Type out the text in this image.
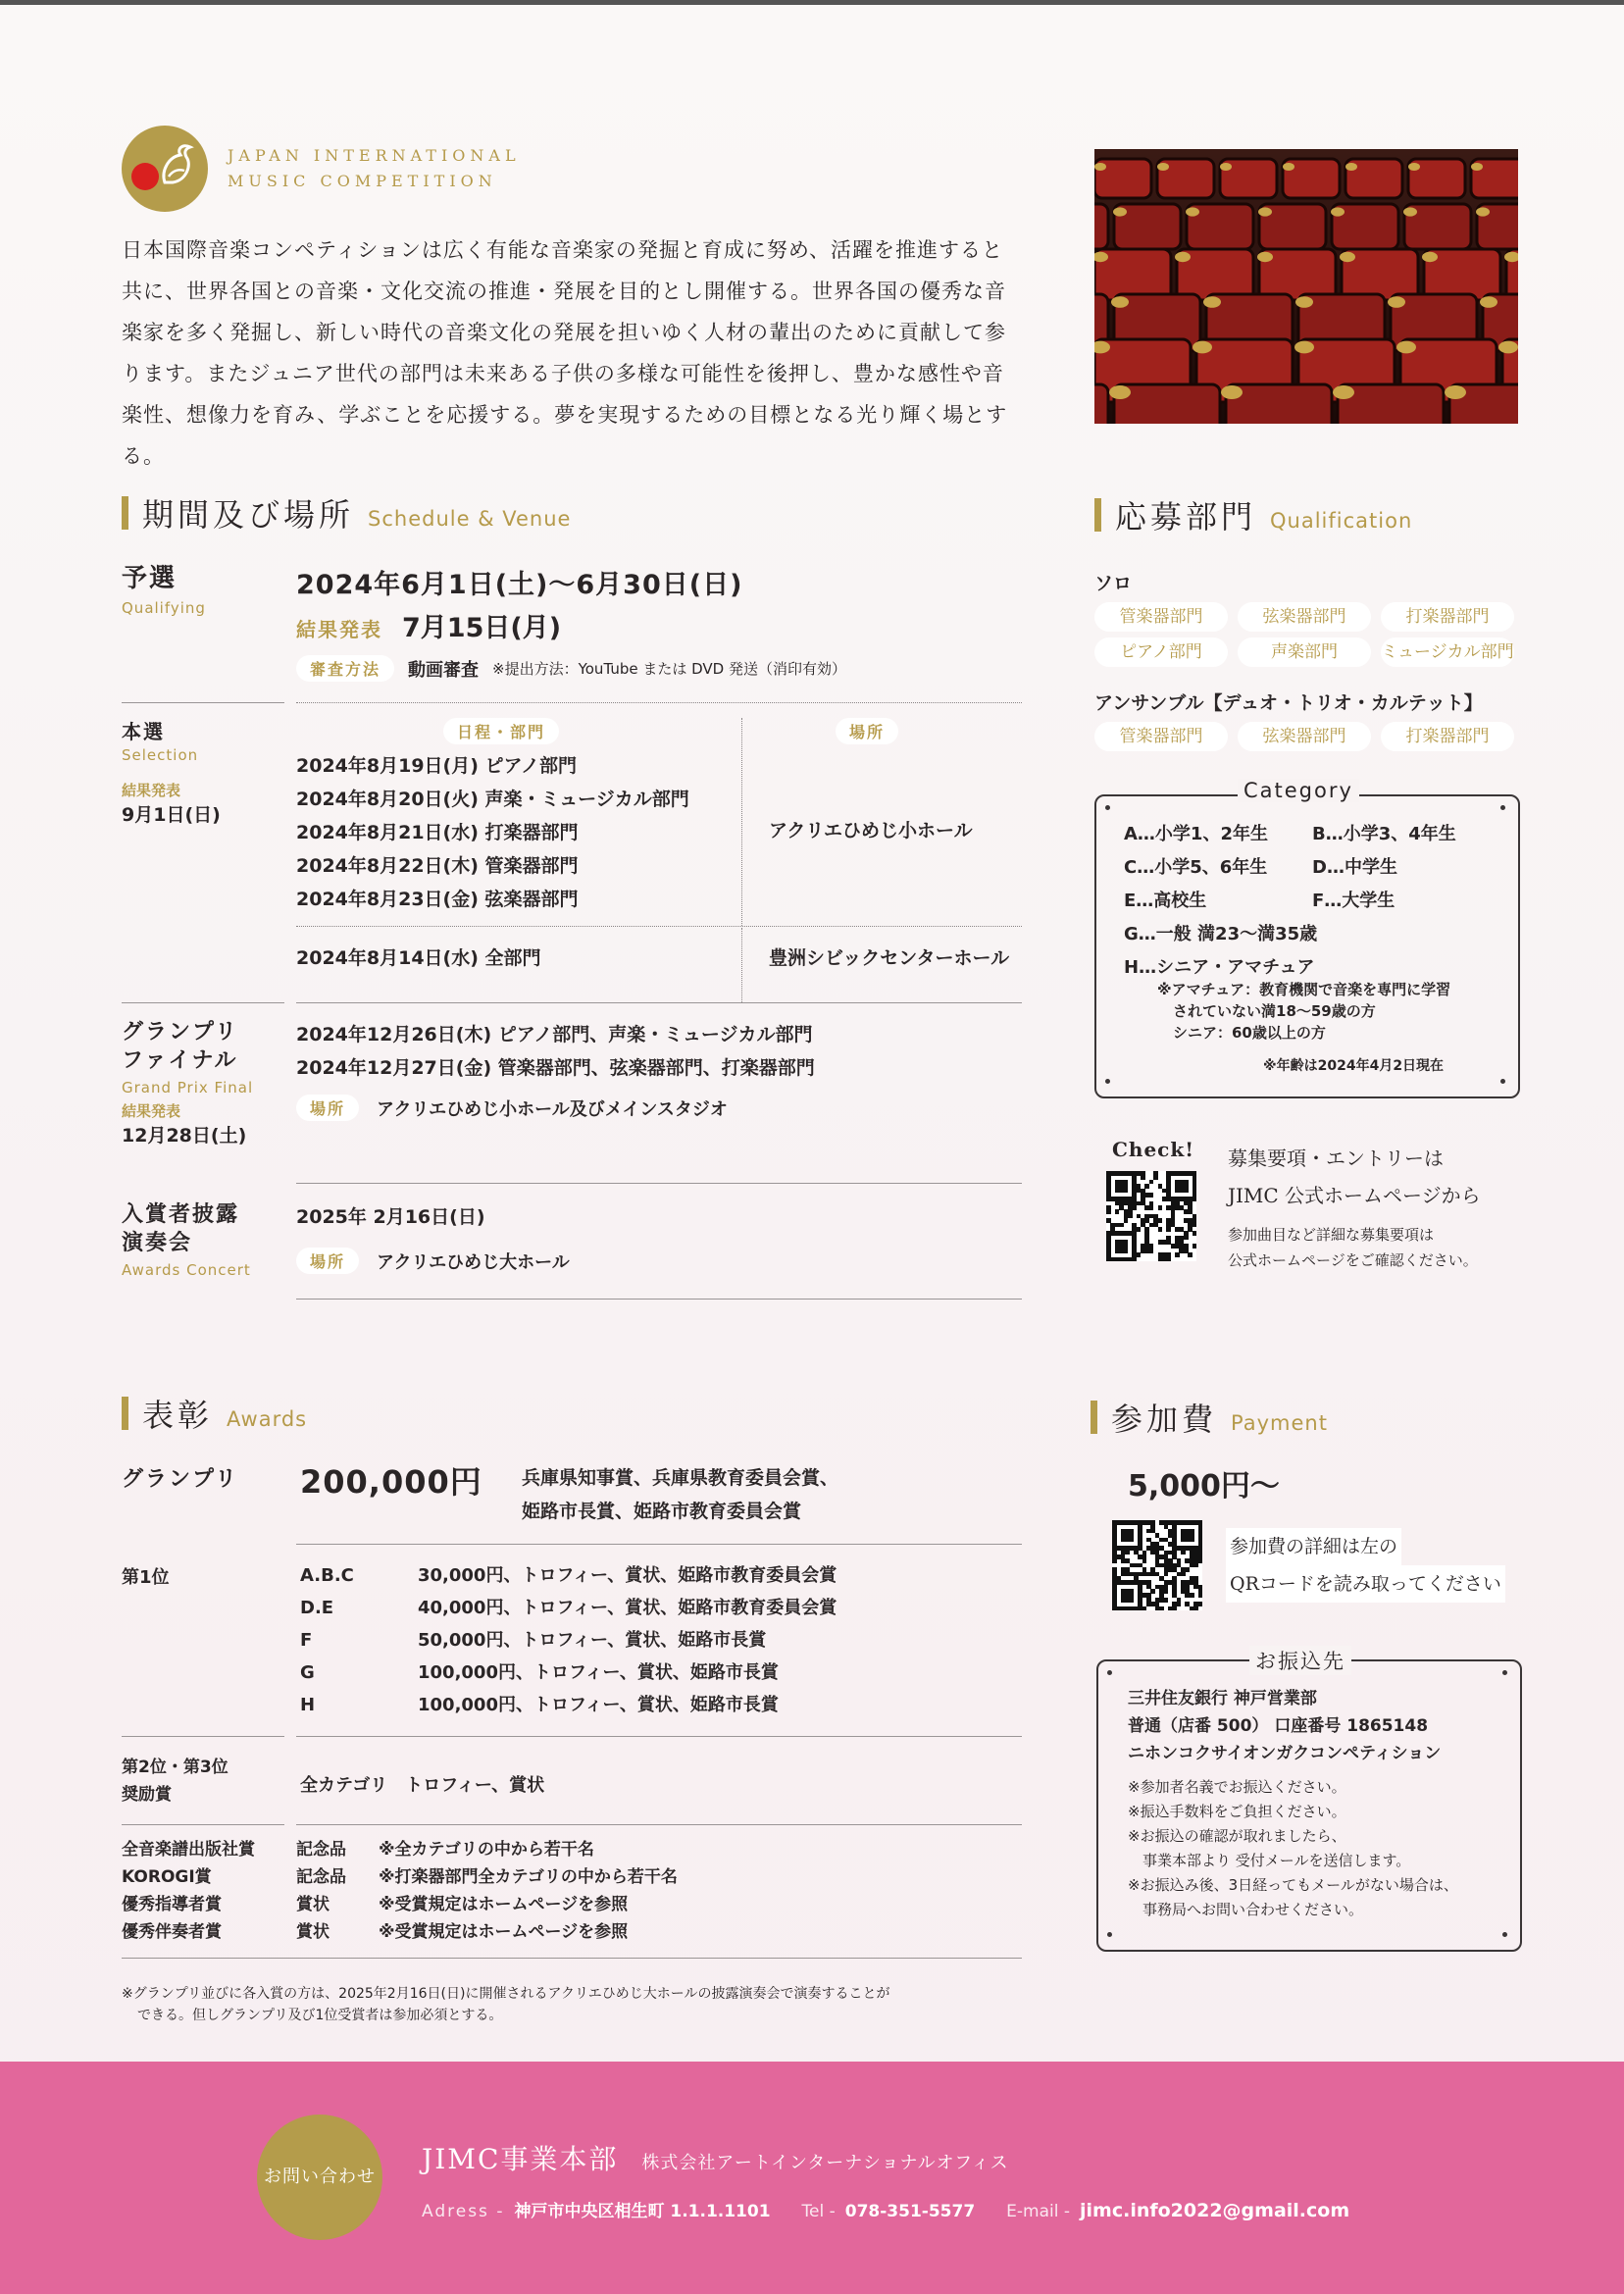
JAPAN INTERNATIONAL
MUSIC COMPETITION
日本国際音楽コンペティションは広く有能な音楽家の発掘と育成に努め、活躍を推進すると
共に、世界各国との音楽・文化交流の推進・発展を目的とし開催する。世界各国の優秀な音
楽家を多く発掘し、新しい時代の音楽文化の発展を担いゆく人材の輩出のために貢献して参
ります。またジュニア世代の部門は未来ある子供の多様な可能性を後押し、豊かな感性や音
楽性、想像力を育み、学ぶことを応援する。夢を実現するための目標となる光り輝く場とする。
期間及び場所 Schedule & Venue
予選
Qualifying
2024年6月1日(土)〜6月30日(日)
結果発表 7月15日(月)
審査方法	動画審査 ※提出方法：YouTube または DVD 発送（消印有効）
本選
Selection
結果発表
9月1日(日)
日程・部門	場所
2024年8月19日(月) ピアノ部門
2024年8月20日(火) 声楽・ミュージカル部門
2024年8月21日(水) 打楽器部門
2024年8月22日(木) 管楽器部門
2024年8月23日(金) 弦楽器部門
アクリエひめじ小ホール
2024年8月14日(水) 全部門	豊洲シビックセンターホール
グランプリ
ファイナル
Grand Prix Final
結果発表
12月28日(土)
2024年12月26日(木) ピアノ部門、声楽・ミュージカル部門
2024年12月27日(金) 管楽器部門、弦楽器部門、打楽器部門
場所	アクリエひめじ小ホール及びメインスタジオ
入賞者披露
演奏会
Awards Concert
2025年 2月16日(日)
場所	アクリエひめじ大ホール
応募部門 Qualification
ソロ
管楽器部門	弦楽器部門	打楽器部門
ピアノ部門	声楽部門	ミュージカル部門
アンサンブル【デュオ・トリオ・カルテット】
管楽器部門	弦楽器部門	打楽器部門
Category
A…小学1、2年生	B…小学3、4年生
C…小学5、6年生	D…中学生
E…高校生	F…大学生
G…一般 満23〜満35歳
H…シニア・アマチュア
※アマチュア：教育機関で音楽を専門に学習
されていない満18〜59歳の方
シニア：60歳以上の方
※年齢は2024年4月2日現在
Check! 募集要項・エントリーは
JIMC 公式ホームページから
参加曲目など詳細な募集要項は
公式ホームページをご確認ください。
表彰 Awards
グランプリ 200,000円 兵庫県知事賞、兵庫県教育委員会賞、
姫路市長賞、姫路市教育委員会賞
第1位	A.B.C	30,000円、トロフィー、賞状、姫路市教育委員会賞
D.E	40,000円、トロフィー、賞状、姫路市教育委員会賞
F	50,000円、トロフィー、賞状、姫路市長賞
G	100,000円、トロフィー、賞状、姫路市長賞
H	100,000円、トロフィー、賞状、姫路市長賞
第2位・第3位
奨励賞	全カテゴリ　トロフィー、賞状
全音楽譜出版社賞	記念品	※全カテゴリの中から若干名
KOROGI賞	記念品	※打楽器部門全カテゴリの中から若干名
優秀指導者賞	賞状	※受賞規定はホームページを参照
優秀伴奏者賞	賞状	※受賞規定はホームページを参照
※グランプリ並びに各入賞の方は、2025年2月16日(日)に開催されるアクリエひめじ大ホールの披露演奏会で演奏することが
できる。但しグランプリ及び1位受賞者は参加必須とする。
参加費 Payment
5,000円〜
参加費の詳細は左の
QRコードを読み取ってください
お振込先
三井住友銀行 神戸営業部
普通（店番 500） 口座番号 1865148
ニホンコクサイオンガクコンペティション
※参加者名義でお振込ください。
※振込手数料をご負担ください。
※お振込の確認が取れましたら、
　事業本部より 受付メールを送信します。
※お振込み後、3日経ってもメールがない場合は、
　事務局へお問い合わせください。
お問い合わせ
JIMC事業本部 株式会社アートインターナショナルオフィス
Adress - 神戸市中央区相生町 1.1.1.1101 Tel - 078-351-5577 E-mail - jimc.info2022@gmail.com
